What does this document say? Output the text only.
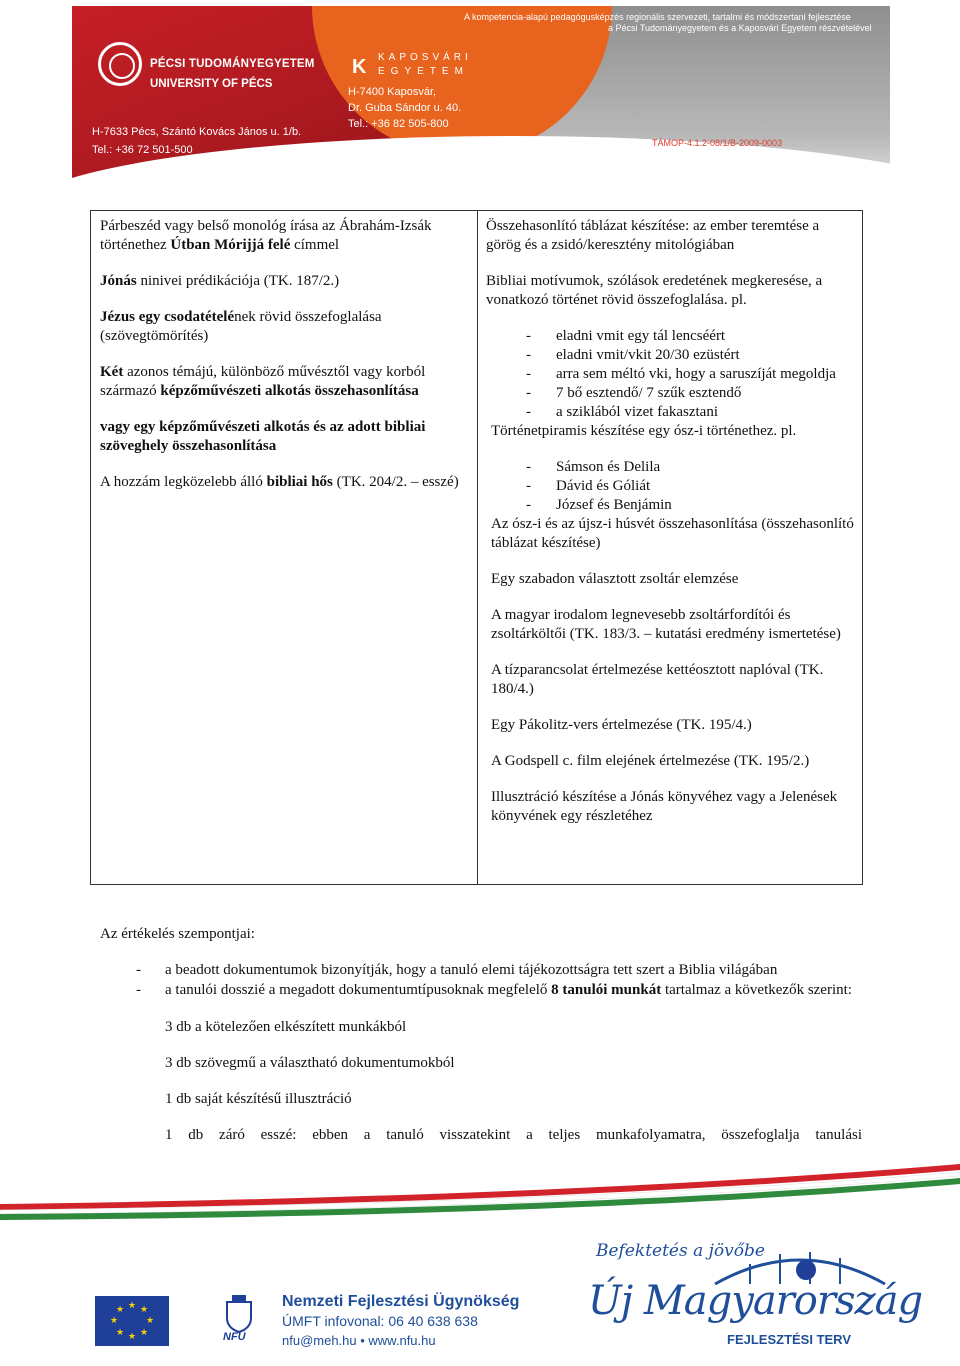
PÉCSI TUDOMÁNYEGYETEM
UNIVERSITY OF PÉCS
H-7633 Pécs, Szántó Kovács János u. 1/b.
Tel.: +36 72 501-500
K	KAPOSVÁRI
EGYETEM
H-7400 Kaposvár,
Dr. Guba Sándor u. 40.
Tel.: +36 82 505-800
A kompetencia-alapú pedagógusképzés regionális szervezeti, tartalmi és módszertani fejlesztése
a Pécsi Tudományegyetem és a Kaposvári Egyetem részvételével
TÁMOP-4.1.2-08/1/B-2009-0003

Párbeszéd vagy belső monológ írása az Ábrahám-Izsák történethez Útban Mórijjá felé címmel

Jónás ninivei prédikációja (TK. 187/2.)

Jézus egy csodatételének rövid összefoglalása (szövegtömörítés)

Két azonos témájú, különböző művésztől vagy korból származó képzőművészeti alkotás összehasonlítása

vagy egy képzőművészeti alkotás és az adott bibliai szöveghely összehasonlítása

A hozzám legközelebb álló bibliai hős (TK. 204/2. – esszé)

Összehasonlító táblázat készítése: az ember teremtése a görög és a zsidó/keresztény mitológiában

Bibliai motívumok, szólások eredetének megkeresése, a vonatkozó történet rövid összefoglalása. pl.

- eladni vmit egy tál lencséért
- eladni vmit/vkit 20/30 ezüstért
- arra sem méltó vki, hogy a saruszíját megoldja
- 7 bő esztendő/ 7 szűk esztendő
- a sziklából vizet fakasztani

Történetpiramis készítése egy ósz-i történethez. pl.

- Sámson és Delila
- Dávid és Góliát
- József és Benjámin

Az ósz-i és az újsz-i húsvét összehasonlítása (összehasonlító táblázat készítése)

Egy szabadon választott zsoltár elemzése

A magyar irodalom legnevesebb zsoltárfordítói és zsoltárköltői (TK. 183/3. – kutatási eredmény ismertetése)

A tízparancsolat értelmezése kettéosztott naplóval (TK. 180/4.)

Egy Pákolitz-vers értelmezése (TK. 195/4.)

A Godspell c. film elejének értelmezése (TK. 195/2.)

Illusztráció készítése a Jónás könyvéhez vagy a Jelenések könyvének egy részletéhez

Az értékelés szempontjai:
- a beadott dokumentumok bizonyítják, hogy a tanuló elemi tájékozottságra tett szert a Biblia világában
- a tanulói dosszié a megadott dokumentumtípusoknak megfelelő 8 tanulói munkát tartalmaz a következők szerint:
3 db a kötelezően elkészített munkákból
3 db szövegmű a választható dokumentumokból
1 db saját készítésű illusztráció
1 db záró esszé: ebben a tanuló visszatekint a teljes munkafolyamatra, összefoglalja tanulási
★ ★
★
★
★
★
★
★
NFÜ
Nemzeti Fejlesztési Ügynökség
ÚMFT infovonal: 06 40 638 638
nfu@meh.hu • www.nfu.hu
Befektetés a jövőbe
Új Magyarország
FEJLESZTÉSI TERV
